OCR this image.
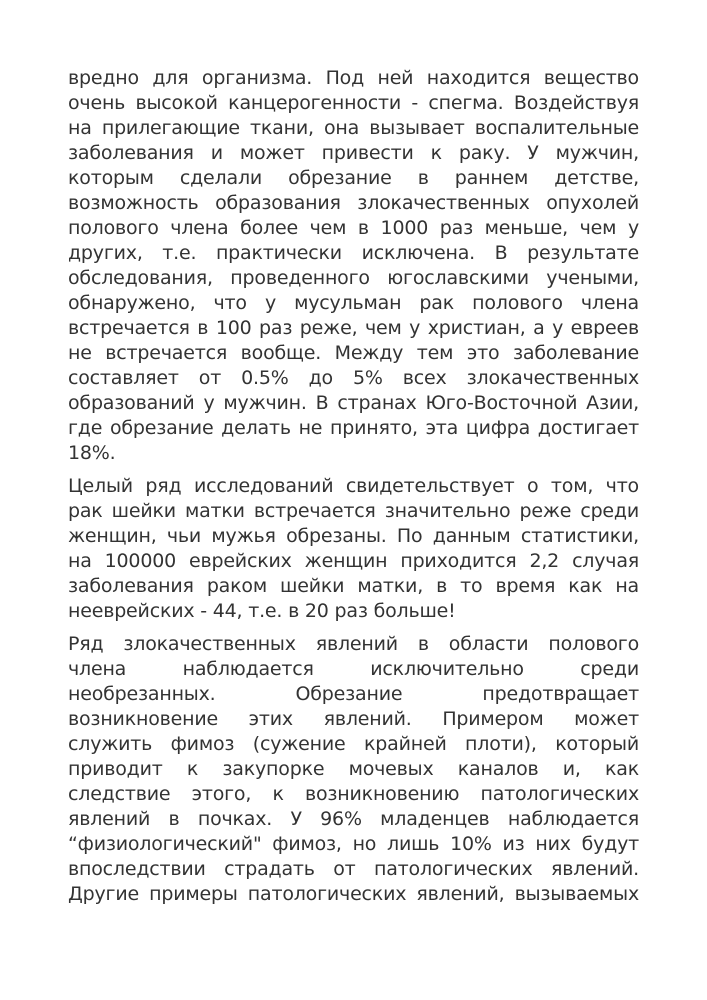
вредно для организма. Под ней находится вещество
очень высокой канцерогенности - спегма. Воздействуя
на прилегающие ткани, она вызывает воспалительные
заболевания и может привести к раку. У мужчин,
которым сделали обрезание в раннем детстве,
возможность образования злокачественных опухолей
полового члена более чем в 1000 раз меньше, чем у
других, т.е. практически исключена. В результате
обследования, проведенного югославскими учеными,
обнаружено, что у мусульман рак полового члена
встречается в 100 раз реже, чем у христиан, а у евреев
не встречается вообще. Между тем это заболевание
составляет от 0.5% до 5% всех злокачественных
образований у мужчин. В странах Юго-Восточной Азии,
где обрезание делать не принято, эта цифра достигает
18%.

Целый ряд исследований свидетельствует о том, что
рак шейки матки встречается значительно реже среди
женщин, чьи мужья обрезаны. По данным статистики,
на 100000 еврейских женщин приходится 2,2 случая
заболевания раком шейки матки, в то время как на
нееврейских - 44, т.е. в 20 раз больше!

Ряд злокачественных явлений в области полового
члена наблюдается исключительно среди
необрезанных. Обрезание предотвращает
возникновение этих явлений. Примером может
служить фимоз (сужение крайней плоти), который
приводит к закупорке мочевых каналов и, как
следствие этого, к возникновению патологических
явлений в почках. У 96% младенцев наблюдается
“физиологический" фимоз, но лишь 10% из них будут
впоследствии страдать от патологических явлений.
Другие примеры патологических явлений, вызываемых
